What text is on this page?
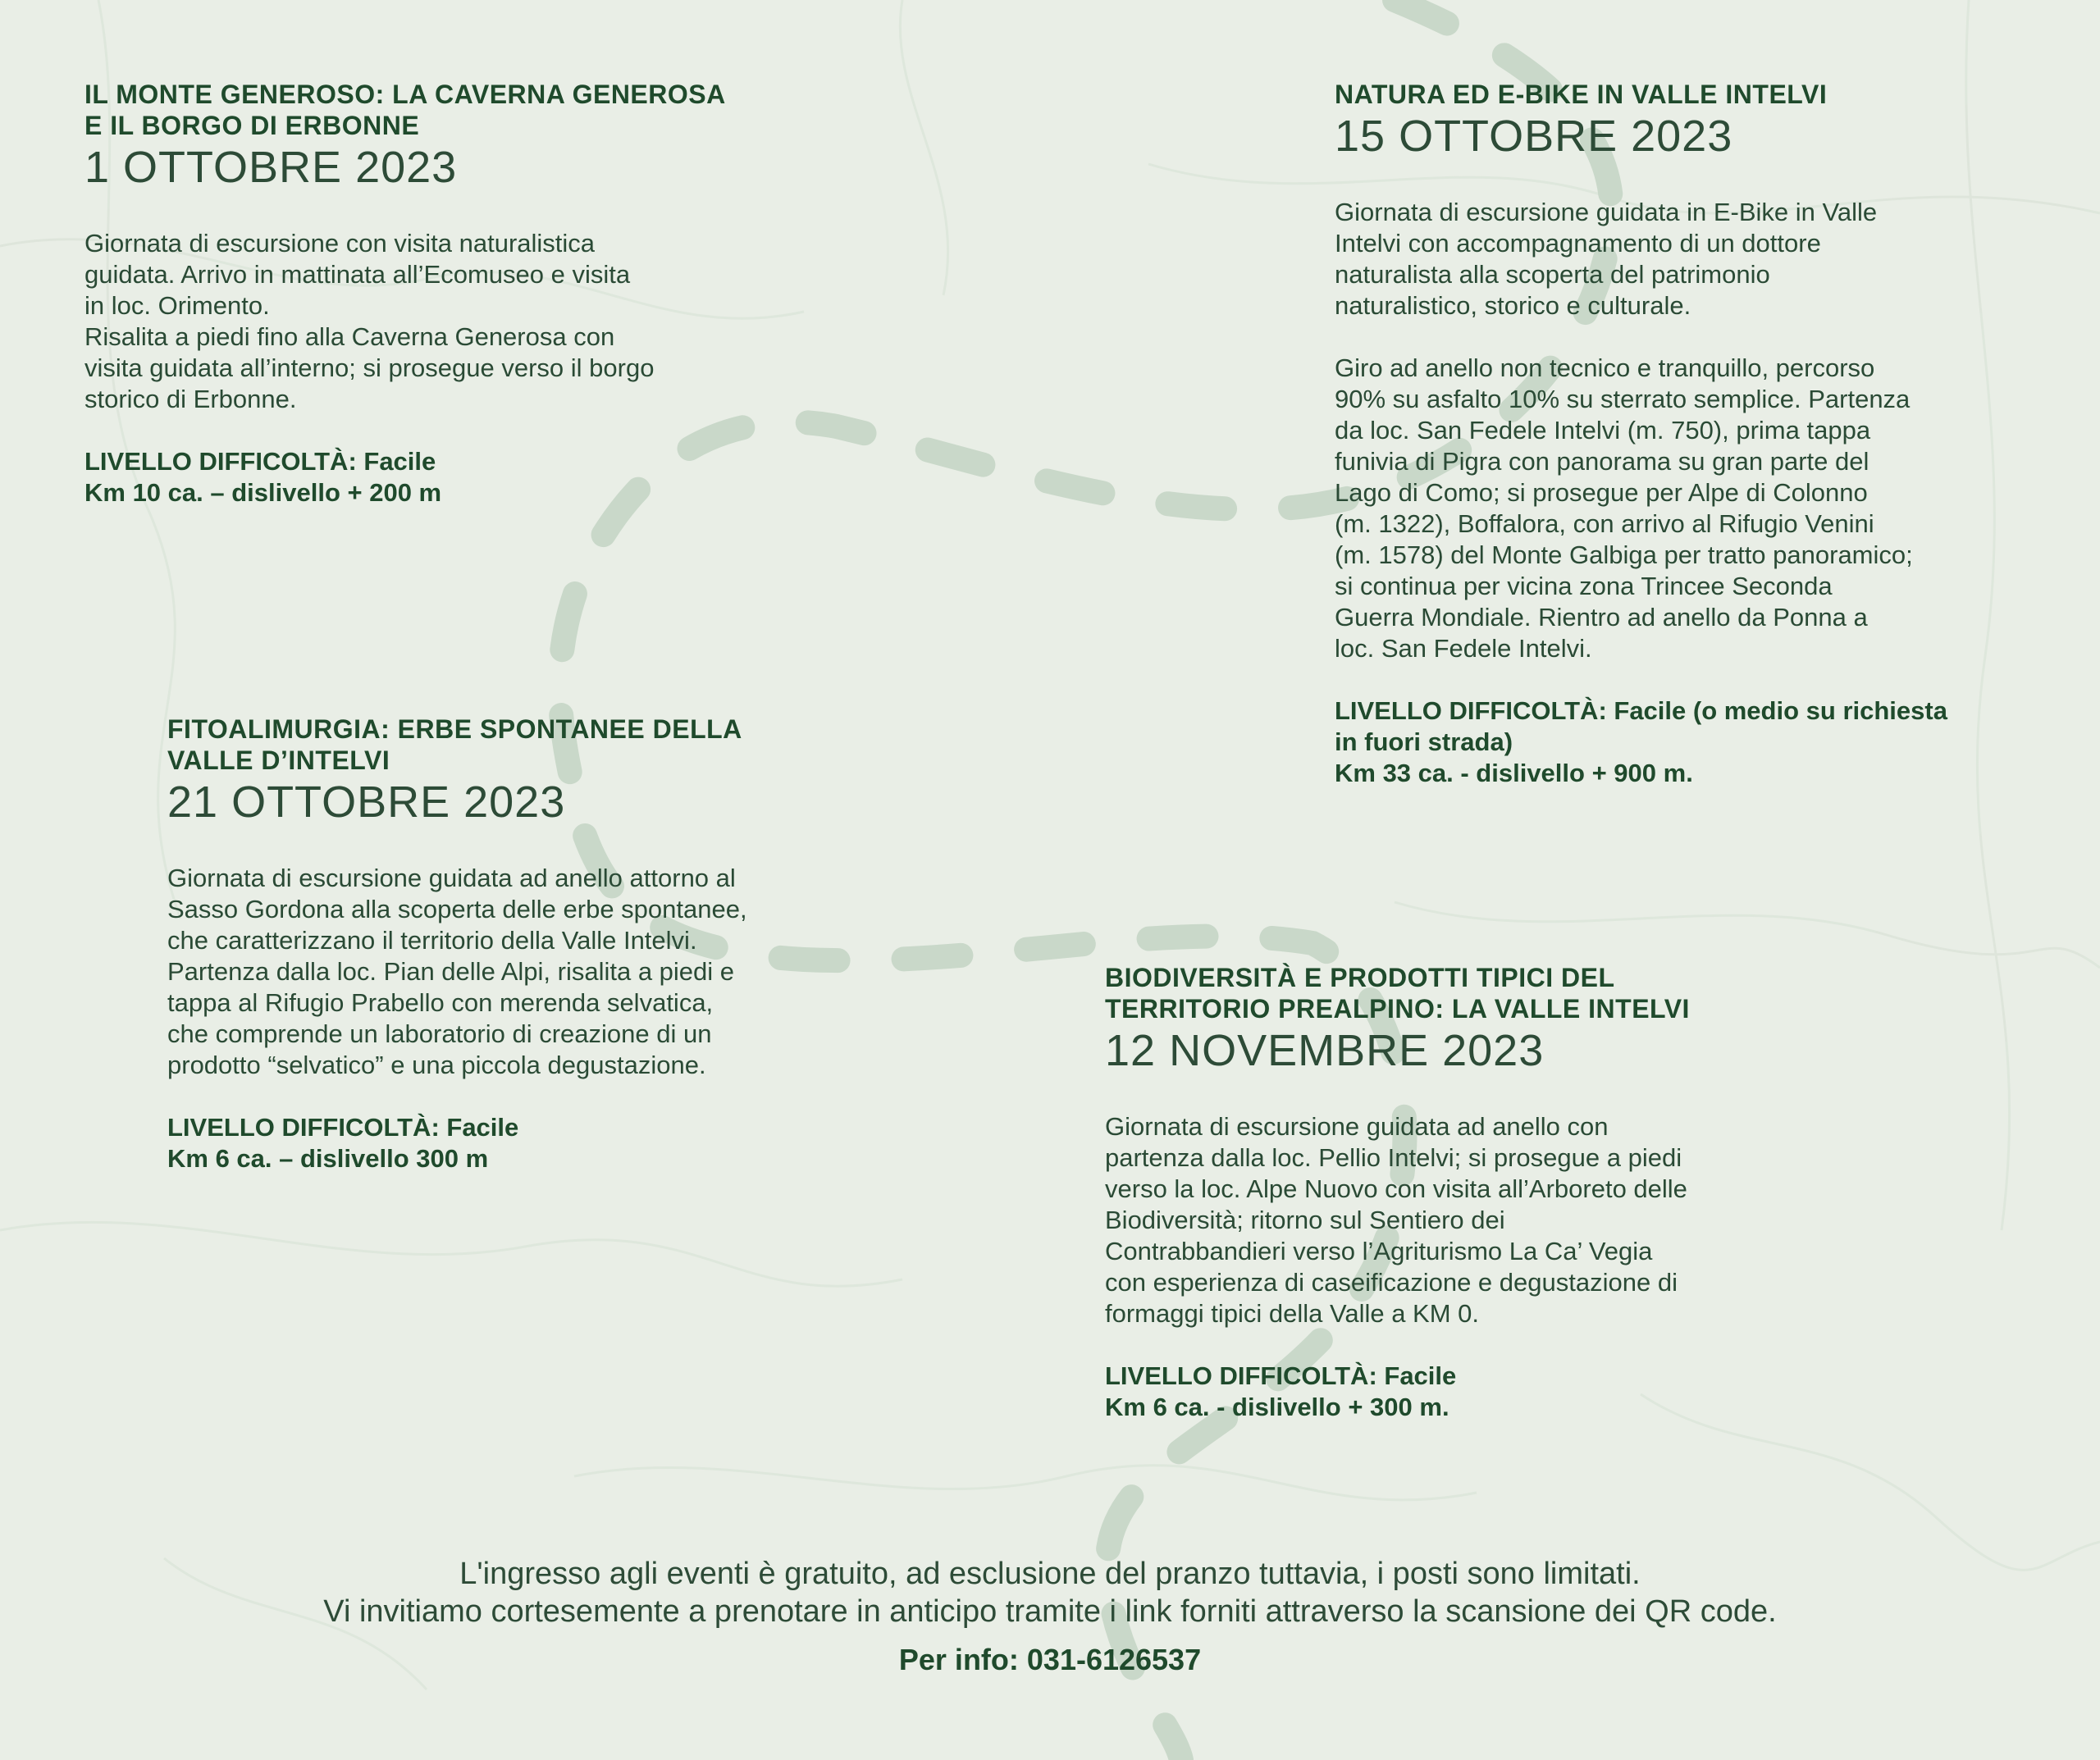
IL MONTE GENEROSO: LA CAVERNA GENEROSA
E IL BORGO DI ERBONNE

1 OTTOBRE 2023

Giornata di escursione con visita naturalistica
guidata. Arrivo in mattinata all’Ecomuseo e visita
in loc. Orimento.
Risalita a piedi fino alla Caverna Generosa con
visita guidata all’interno; si prosegue verso il borgo
storico di Erbonne.

LIVELLO DIFFICOLTÀ: Facile

Km 10 ca. – dislivello + 200 m

NATURA ED E-BIKE IN VALLE INTELVI

15 OTTOBRE 2023

Giornata di escursione guidata in E-Bike in Valle
Intelvi con accompagnamento di un dottore
naturalista alla scoperta del patrimonio
naturalistico, storico e culturale.

Giro ad anello non tecnico e tranquillo, percorso
90% su asfalto 10% su sterrato semplice. Partenza
da loc. San Fedele Intelvi (m. 750), prima tappa
funivia di Pigra con panorama su gran parte del
Lago di Como; si prosegue per Alpe di Colonno
(m. 1322), Boffalora, con arrivo al Rifugio Venini
(m. 1578) del Monte Galbiga per tratto panoramico;
si continua per vicina zona Trincee Seconda
Guerra Mondiale. Rientro ad anello da Ponna a
loc. San Fedele Intelvi.

LIVELLO DIFFICOLTÀ: Facile (o medio su richiesta
in fuori strada)

Km 33 ca. - dislivello + 900 m.

FITOALIMURGIA: ERBE SPONTANEE DELLA
VALLE D’INTELVI

21 OTTOBRE 2023

Giornata di escursione guidata ad anello attorno al
Sasso Gordona alla scoperta delle erbe spontanee,
che caratterizzano il territorio della Valle Intelvi.
Partenza dalla loc. Pian delle Alpi, risalita a piedi e
tappa al Rifugio Prabello con merenda selvatica,
che comprende un laboratorio di creazione di un
prodotto “selvatico” e una piccola degustazione.

LIVELLO DIFFICOLTÀ: Facile

Km 6 ca. – dislivello 300 m

BIODIVERSITÀ E PRODOTTI TIPICI DEL
TERRITORIO PREALPINO: LA VALLE INTELVI

12 NOVEMBRE 2023

Giornata di escursione guidata ad anello con
partenza dalla loc. Pellio Intelvi; si prosegue a piedi
verso la loc. Alpe Nuovo con visita all’Arboreto delle
Biodiversità; ritorno sul Sentiero dei
Contrabbandieri verso l’Agriturismo La Ca’ Vegia
con esperienza di caseificazione e degustazione di
formaggi tipici della Valle a KM 0.

LIVELLO DIFFICOLTÀ: Facile

Km 6 ca. - dislivello + 300 m.

L'ingresso agli eventi è gratuito, ad esclusione del pranzo tuttavia, i posti sono limitati.

Vi invitiamo cortesemente a prenotare in anticipo tramite i link forniti attraverso la scansione dei QR code.

Per info: 031-6126537
